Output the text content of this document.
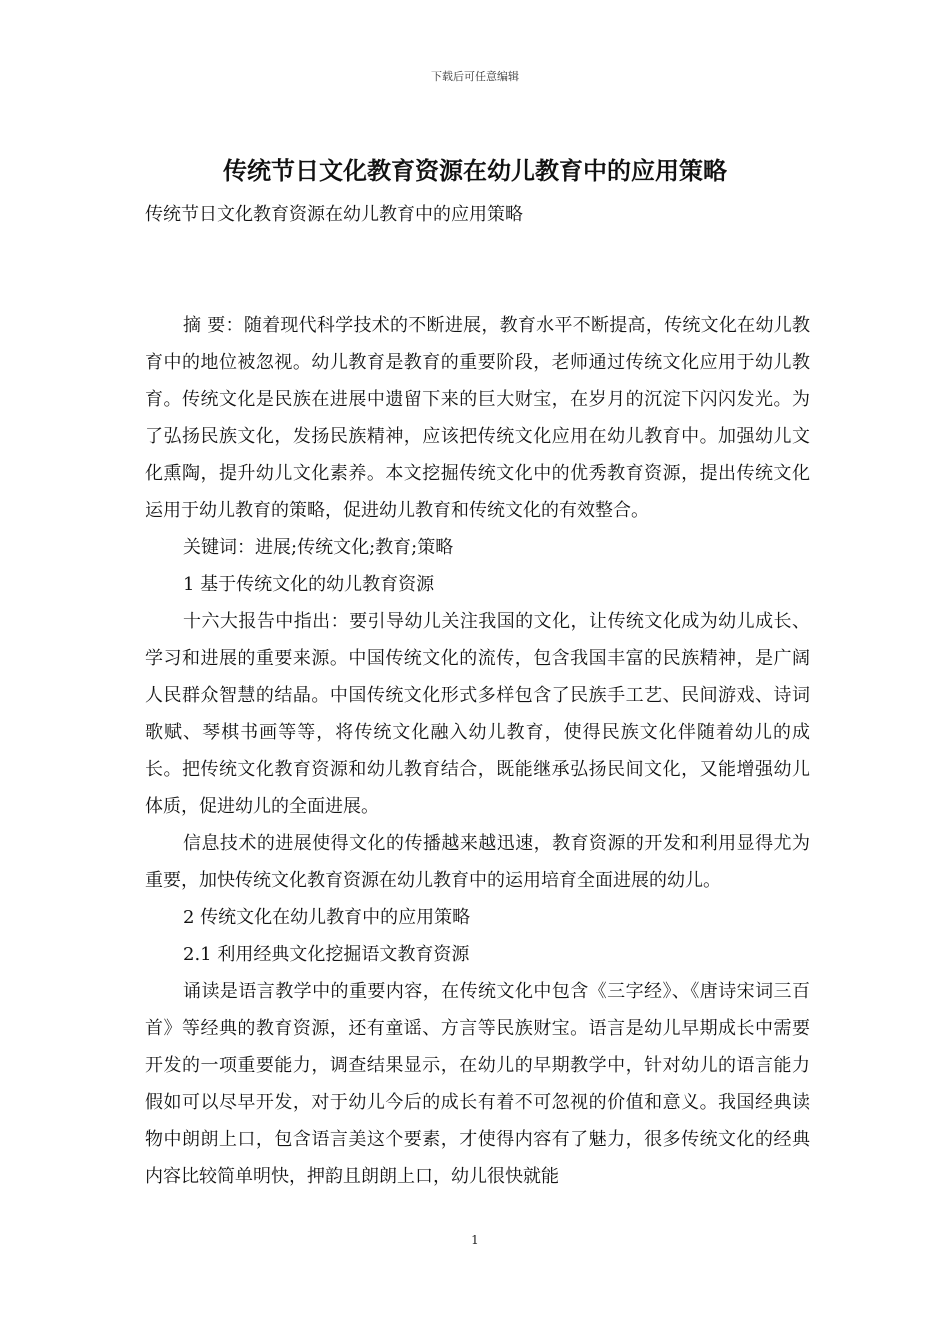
下载后可任意编辑
传统节日文化教育资源在幼儿教育中的应用策略

传统节日文化教育资源在幼儿教育中的应用策略

摘 要：随着现代科学技术的不断进展，教育水平不断提高，传统文化在幼儿教育中的地位被忽视。幼儿教育是教育的重要阶段，老师通过传统文化应用于幼儿教育。传统文化是民族在进展中遗留下来的巨大财宝，在岁月的沉淀下闪闪发光。为了弘扬民族文化，发扬民族精神，应该把传统文化应用在幼儿教育中。加强幼儿文化熏陶，提升幼儿文化素养。本文挖掘传统文化中的优秀教育资源，提出传统文化运用于幼儿教育的策略，促进幼儿教育和传统文化的有效整合。

关键词：进展;传统文化;教育;策略

1 基于传统文化的幼儿教育资源

十六大报告中指出：要引导幼儿关注我国的文化，让传统文化成为幼儿成长、学习和进展的重要来源。中国传统文化的流传，包含我国丰富的民族精神，是广阔人民群众智慧的结晶。中国传统文化形式多样包含了民族手工艺、民间游戏、诗词歌赋、琴棋书画等等，将传统文化融入幼儿教育，使得民族文化伴随着幼儿的成长。把传统文化教育资源和幼儿教育结合，既能继承弘扬民间文化，又能增强幼儿体质，促进幼儿的全面进展。

信息技术的进展使得文化的传播越来越迅速，教育资源的开发和利用显得尤为重要，加快传统文化教育资源在幼儿教育中的运用培育全面进展的幼儿。

2 传统文化在幼儿教育中的应用策略

2.1 利用经典文化挖掘语文教育资源

诵读是语言教学中的重要内容，在传统文化中包含《三字经》、《唐诗宋词三百首》等经典的教育资源，还有童谣、方言等民族财宝。语言是幼儿早期成长中需要开发的一项重要能力，调查结果显示，在幼儿的早期教学中，针对幼儿的语言能力假如可以尽早开发，对于幼儿今后的成长有着不可忽视的价值和意义。我国经典读物中朗朗上口，包含语言美这个要素，才使得内容有了魅力，很多传统文化的经典内容比较简单明快，押韵且朗朗上口，幼儿很快就能

1
